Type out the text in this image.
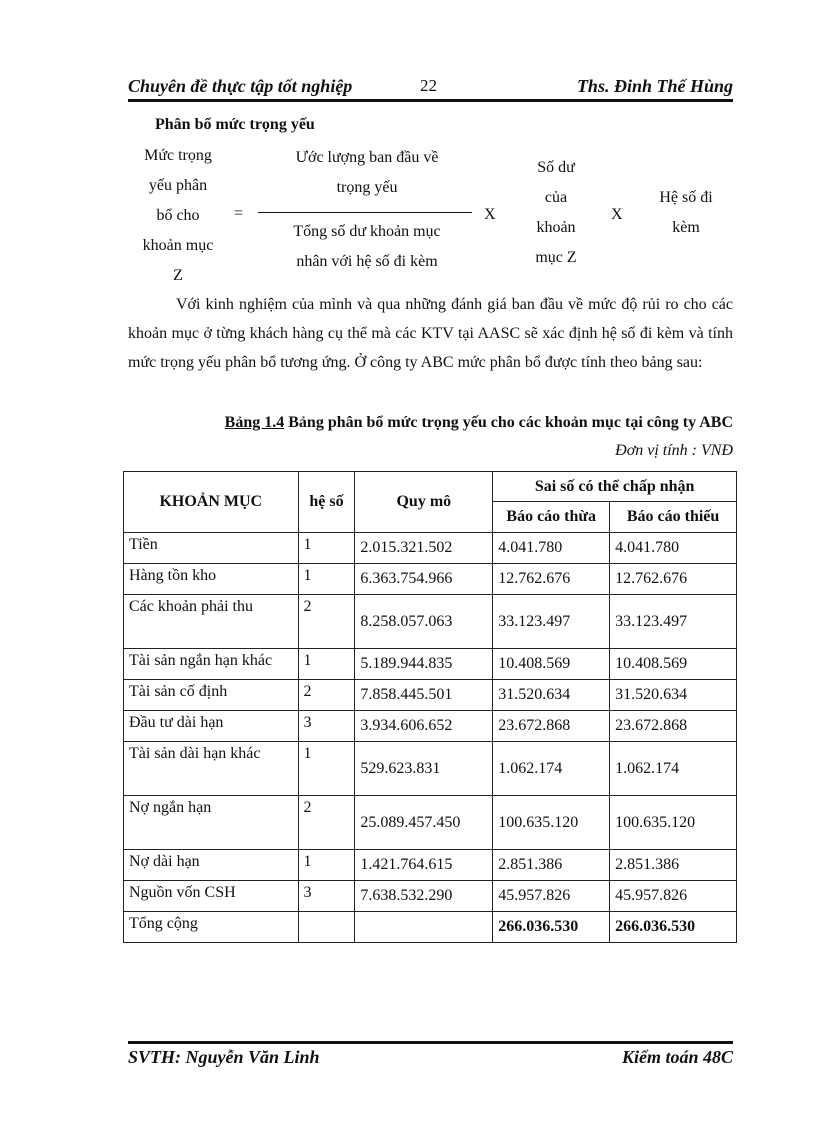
Chuyên đề thực tập tốt nghiệp	22	Ths. Đinh Thế Hùng
Phân bổ mức trọng yếu
Mức trọng
yếu phân
bổ cho
khoản mục
Z
=
Ước lượng ban đầu về
trọng yếu
Tổng số dư khoản mục
nhân với hệ số đi kèm
X
Số dư
của
khoản
mục Z
X
Hệ số đi
kèm

Với kinh nghiệm của mình và qua những đánh giá ban đầu về mức độ rủi ro cho các khoản mục ở từng khách hàng cụ thể mà các KTV tại AASC sẽ xác định hệ số đi kèm và tính mức trọng yếu phân bổ tương ứng. Ở công ty ABC mức phân bổ được tính theo bảng sau:

Bảng 1.4 Bảng phân bổ mức trọng yếu cho các khoản mục tại công ty ABC
Đơn vị tính : VNĐ
KHOẢN MỤC	hệ số	Quy mô	Sai số có thể chấp nhận	
			Báo cáo thừa	Báo cáo thiếu
Tiền	1	2.015.321.502	4.041.780	4.041.780
Hàng tồn kho	1	6.363.754.966	12.762.676	12.762.676
Các khoản phải thu	2	8.258.057.063	33.123.497	33.123.497
Tài sản ngắn hạn khác	1	5.189.944.835	10.408.569	10.408.569
Tài sản cố định	2	7.858.445.501	31.520.634	31.520.634
Đầu tư dài hạn	3	3.934.606.652	23.672.868	23.672.868
Tài sản dài hạn khác	1	529.623.831	1.062.174	1.062.174
Nợ ngắn hạn	2	25.089.457.450	100.635.120	100.635.120
Nợ dài hạn	1	1.421.764.615	2.851.386	2.851.386
Nguồn vốn CSH	3	7.638.532.290	45.957.826	45.957.826
Tổng cộng			266.036.530	266.036.530
SVTH: Nguyễn Văn Linh	Kiểm toán 48C
